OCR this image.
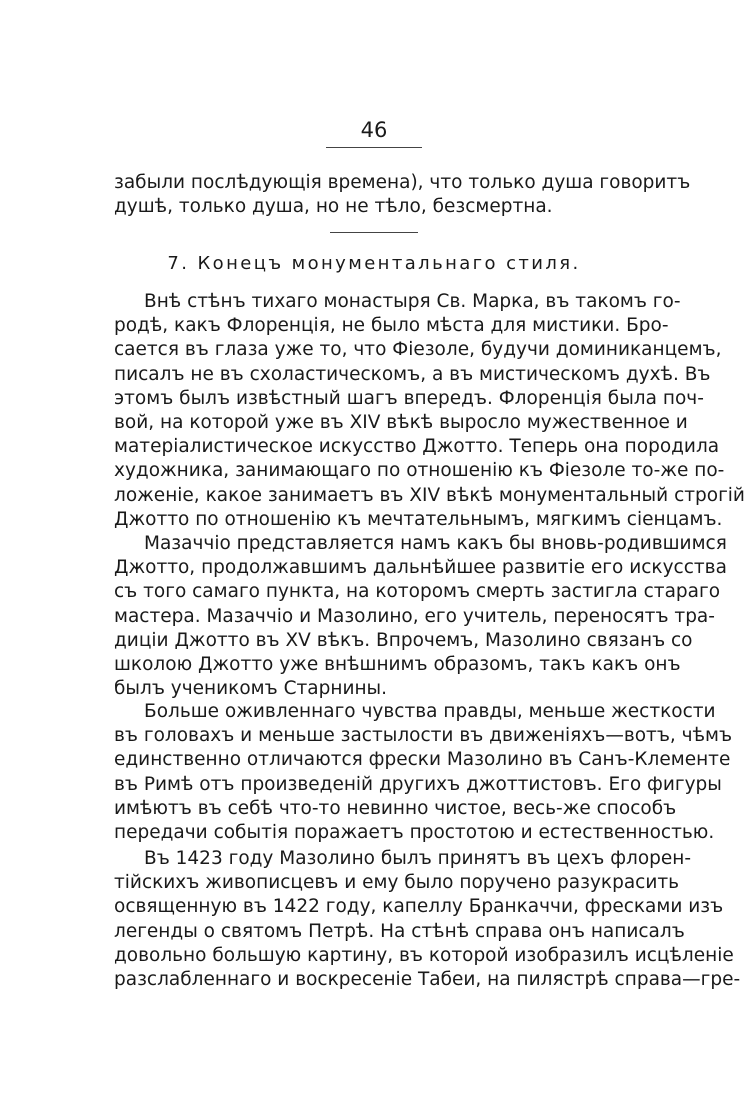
46
забыли послѣдующія времена), что только душа говоритъ
душѣ, только душа, но не тѣло, безсмертна.
7. Конецъ монументальнаго стиля.
Внѣ стѣнъ тихаго монастыря Св. Марка, въ такомъ го-
родѣ, какъ Флоренція, не было мѣста для мистики. Бро-
сается въ глаза уже то, что Фіезоле, будучи доминиканцемъ,
писалъ не въ схоластическомъ, а въ мистическомъ духѣ. Въ
этомъ былъ извѣстный шагъ впередъ. Флоренція была поч-
вой, на которой уже въ XIV вѣкѣ выросло мужественное и
матеріалистическое искусство Джотто. Теперь она породила
художника, занимающаго по отношенію къ Фіезоле то-же по-
ложеніе, какое занимаетъ въ XIV вѣкѣ монументальный строгій
Джотто по отношенію къ мечтательнымъ, мягкимъ сіенцамъ.
Мазаччіо представляется намъ какъ бы вновь-родившимся
Джотто, продолжавшимъ дальнѣйшее развитіе его искусства
съ того самаго пункта, на которомъ смерть застигла стараго
мастера. Мазаччіо и Мазолино, его учитель, переносятъ тра-
диціи Джотто въ XV вѣкъ. Впрочемъ, Мазолино связанъ со
школою Джотто уже внѣшнимъ образомъ, такъ какъ онъ
былъ ученикомъ Старнины.
Больше оживленнаго чувства правды, меньше жесткости
въ головахъ и меньше застылости въ движеніяхъ—вотъ, чѣмъ
единственно отличаются фрески Мазолино въ Санъ-Клементе
въ Римѣ отъ произведеній другихъ джоттистовъ. Его фигуры
имѣютъ въ себѣ что-то невинно чистое, весь-же способъ
передачи событія поражаетъ простотою и естественностью.
Въ 1423 году Мазолино былъ принятъ въ цехъ флорен-
тійскихъ живописцевъ и ему было поручено разукрасить
освященную въ 1422 году, капеллу Бранкаччи, фресками изъ
легенды о святомъ Петрѣ. На стѣнѣ справа онъ написалъ
довольно большую картину, въ которой изобразилъ исцѣленіе
разслабленнаго и воскресеніе Табеи, на пилястрѣ справа—гре-
